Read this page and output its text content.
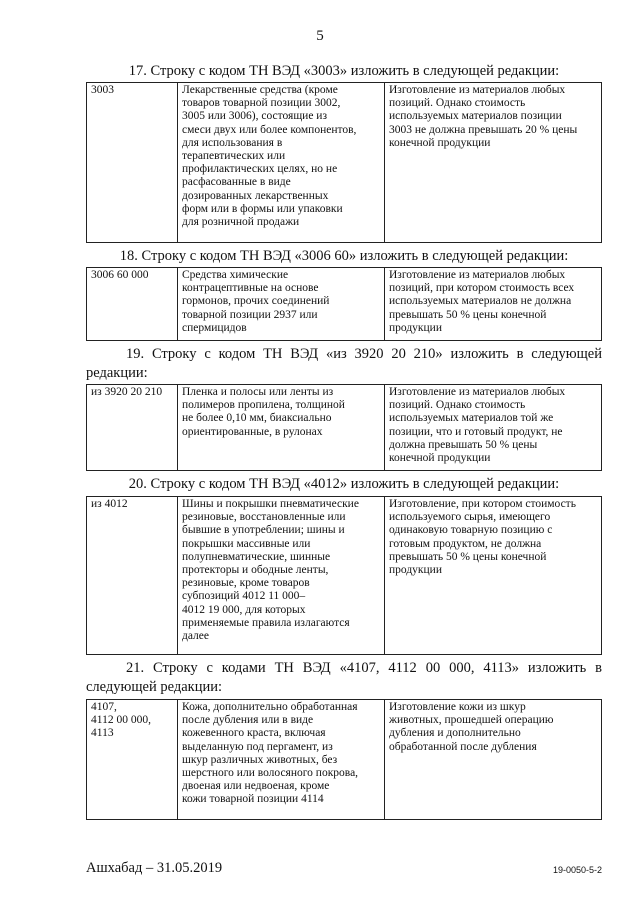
5
17. Строку с кодом ТН ВЭД «3003» изложить в следующей редакции:
3003	Лекарственные средства (кроме
товаров товарной позиции 3002,
3005 или 3006), состоящие из
смеси двух или более компонентов,
для использования в
терапевтических или
профилактических целях, но не
расфасованные в виде
дозированных лекарственных
форм или в формы или упаковки
для розничной продажи	Изготовление из материалов любых
позиций. Однако стоимость
используемых материалов позиции
3003 не должна превышать 20 % цены
конечной продукции
18. Строку с кодом ТН ВЭД «3006 60» изложить в следующей редакции:
3006 60 000	Средства химические
контрацептивные на основе
гормонов, прочих соединений
товарной позиции 2937 или
спермицидов	Изготовление из материалов любых
позиций, при котором стоимость всех
используемых материалов не должна
превышать 50 % цены конечной
продукции
19. Строку с кодом ТН ВЭД «из 3920 20 210» изложить в следующей редакции:
из 3920 20 210	Пленка и полосы или ленты из
полимеров пропилена, толщиной
не более 0,10 мм, биаксиально
ориентированные, в рулонах	Изготовление из материалов любых
позиций. Однако стоимость
используемых материалов той же
позиции, что и готовый продукт, не
должна превышать 50 % цены
конечной продукции
20. Строку с кодом ТН ВЭД «4012» изложить в следующей редакции:
из 4012	Шины и покрышки пневматические
резиновые, восстановленные или
бывшие в употреблении; шины и
покрышки массивные или
полупневматические, шинные
протекторы и ободные ленты,
резиновые, кроме товаров
субпозиций 4012 11 000–
4012 19 000, для которых
применяемые правила излагаются
далее	Изготовление, при котором стоимость
используемого сырья, имеющего
одинаковую товарную позицию с
готовым продуктом, не должна
превышать 50 % цены конечной
продукции
21. Строку с кодами ТН ВЭД «4107, 4112 00 000, 4113» изложить в следующей редакции:
4107,
4112 00 000,
4113	Кожа, дополнительно обработанная
после дубления или в виде
кожевенного краста, включая
выделанную под пергамент, из
шкур различных животных, без
шерстного или волосяного покрова,
двоеная или недвоеная, кроме
кожи товарной позиции 4114	Изготовление кожи из шкур
животных, прошедшей операцию
дубления и дополнительно
обработанной после дубления
Ашхабад – 31.05.2019	19-0050-5-2
